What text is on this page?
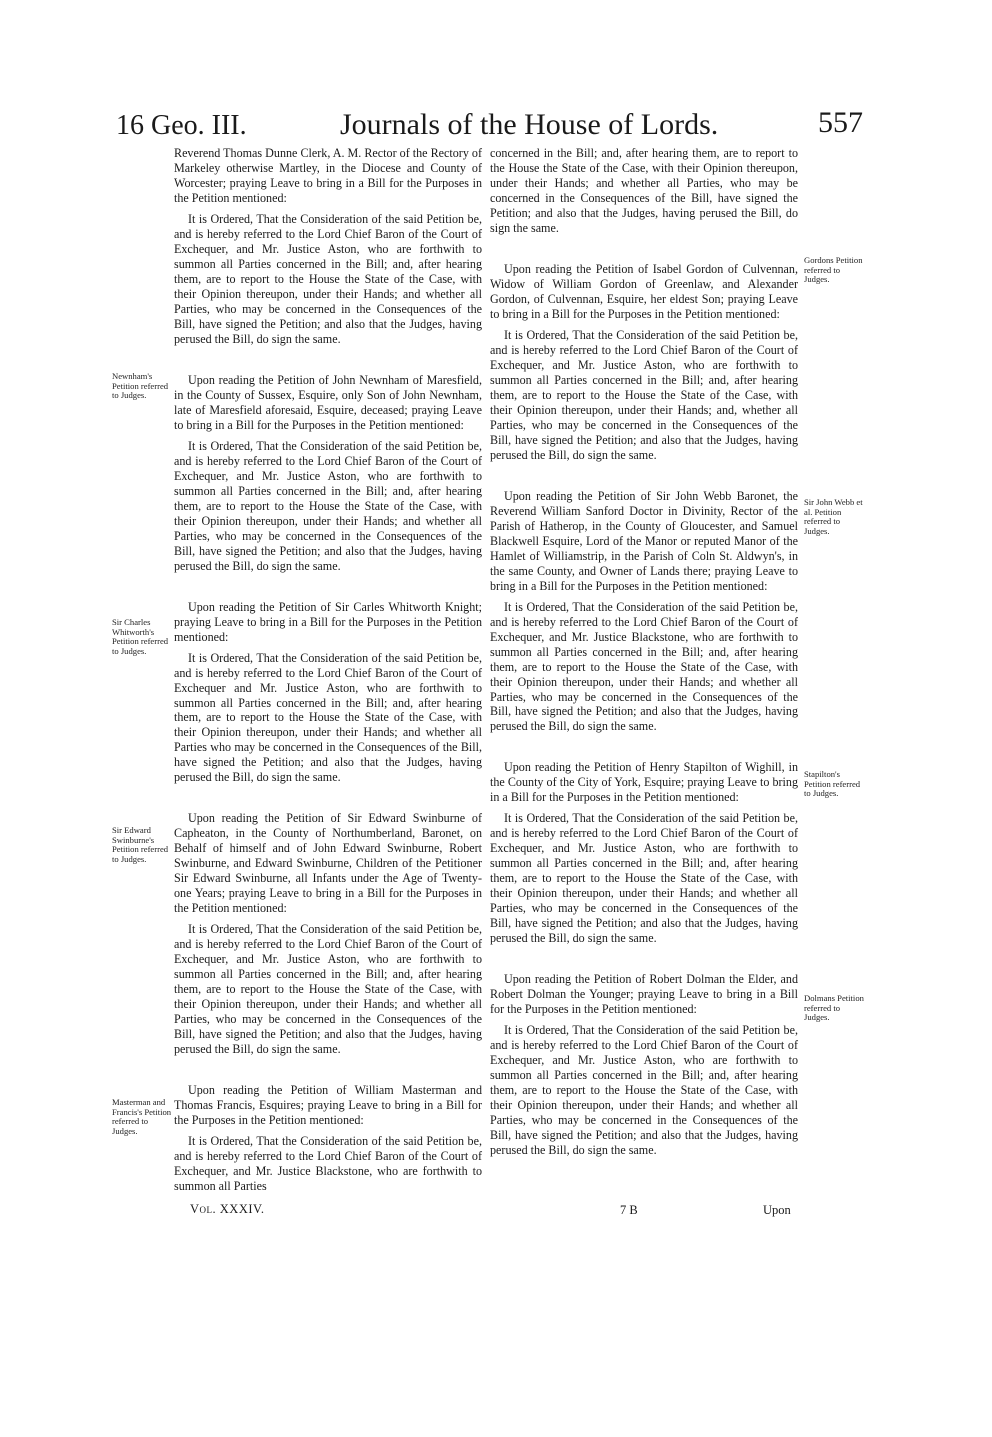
16 Geo. III.	Journals of the House of Lords.	557

Reverend Thomas Dunne Clerk, A. M. Rector of the Rectory of Markeley otherwise Martley, in the Diocese and County of Worcester; praying Leave to bring in a Bill for the Purposes in the Petition mentioned:

It is Ordered, That the Consideration of the said Petition be, and is hereby referred to the Lord Chief Baron of the Court of Exchequer, and Mr. Justice Aston, who are forthwith to summon all Parties concerned in the Bill; and, after hearing them, are to report to the House the State of the Case, with their Opinion thereupon, under their Hands; and whether all Parties, who may be concerned in the Consequences of the Bill, have signed the Petition; and also that the Judges, having perused the Bill, do sign the same.

Upon reading the Petition of John Newnham of Maresfield, in the County of Sussex, Esquire, only Son of John Newnham, late of Maresfield aforesaid, Esquire, deceased; praying Leave to bring in a Bill for the Purposes in the Petition mentioned:

It is Ordered, That the Consideration of the said Petition be, and is hereby referred to the Lord Chief Baron of the Court of Exchequer, and Mr. Justice Aston, who are forthwith to summon all Parties concerned in the Bill; and, after hearing them, are to report to the House the State of the Case, with their Opinion thereupon, under their Hands; and whether all Parties, who may be concerned in the Consequences of the Bill, have signed the Petition; and also that the Judges, having perused the Bill, do sign the same.

Upon reading the Petition of Sir Carles Whitworth Knight; praying Leave to bring in a Bill for the Purposes in the Petition mentioned:

It is Ordered, That the Consideration of the said Petition be, and is hereby referred to the Lord Chief Baron of the Court of Exchequer and Mr. Justice Aston, who are forthwith to summon all Parties concerned in the Bill; and, after hearing them, are to report to the House the State of the Case, with their Opinion thereupon, under their Hands; and whether all Parties who may be concerned in the Consequences of the Bill, have signed the Petition; and also that the Judges, having perused the Bill, do sign the same.

Upon reading the Petition of Sir Edward Swinburne of Capheaton, in the County of Northumberland, Baronet, on Behalf of himself and of John Edward Swinburne, Robert Swinburne, and Edward Swinburne, Children of the Petitioner Sir Edward Swinburne, all Infants under the Age of Twenty-one Years; praying Leave to bring in a Bill for the Purposes in the Petition mentioned:

It is Ordered, That the Consideration of the said Petition be, and is hereby referred to the Lord Chief Baron of the Court of Exchequer, and Mr. Justice Aston, who are forthwith to summon all Parties concerned in the Bill; and, after hearing them, are to report to the House the State of the Case, with their Opinion thereupon, under their Hands; and whether all Parties, who may be concerned in the Consequences of the Bill, have signed the Petition; and also that the Judges, having perused the Bill, do sign the same.

Upon reading the Petition of William Masterman and Thomas Francis, Esquires; praying Leave to bring in a Bill for the Purposes in the Petition mentioned:

It is Ordered, That the Consideration of the said Petition be, and is hereby referred to the Lord Chief Baron of the Court of Exchequer, and Mr. Justice Blackstone, who are forthwith to summon all Parties

concerned in the Bill; and, after hearing them, are to report to the House the State of the Case, with their Opinion thereupon, under their Hands; and whether all Parties, who may be concerned in the Consequences of the Bill, have signed the Petition; and also that the Judges, having perused the Bill, do sign the same.

Upon reading the Petition of Isabel Gordon of Culvennan, Widow of William Gordon of Greenlaw, and Alexander Gordon, of Culvennan, Esquire, her eldest Son; praying Leave to bring in a Bill for the Purposes in the Petition mentioned:

It is Ordered, That the Consideration of the said Petition be, and is hereby referred to the Lord Chief Baron of the Court of Exchequer, and Mr. Justice Aston, who are forthwith to summon all Parties concerned in the Bill; and, after hearing them, are to report to the House the State of the Case, with their Opinion thereupon, under their Hands; and, whether all Parties, who may be concerned in the Consequences of the Bill, have signed the Petition; and also that the Judges, having perused the Bill, do sign the same.

Upon reading the Petition of Sir John Webb Baronet, the Reverend William Sanford Doctor in Divinity, Rector of the Parish of Hatherop, in the County of Gloucester, and Samuel Blackwell Esquire, Lord of the Manor or reputed Manor of the Hamlet of Williamstrip, in the Parish of Coln St. Aldwyn's, in the same County, and Owner of Lands there; praying Leave to bring in a Bill for the Purposes in the Petition mentioned:

It is Ordered, That the Consideration of the said Petition be, and is hereby referred to the Lord Chief Baron of the Court of Exchequer, and Mr. Justice Blackstone, who are forthwith to summon all Parties concerned in the Bill; and, after hearing them, are to report to the House the State of the Case, with their Opinion thereupon, under their Hands; and whether all Parties, who may be concerned in the Consequences of the Bill, have signed the Petition; and also that the Judges, having perused the Bill, do sign the same.

Upon reading the Petition of Henry Stapilton of Wighill, in the County of the City of York, Esquire; praying Leave to bring in a Bill for the Purposes in the Petition mentioned:

It is Ordered, That the Consideration of the said Petition be, and is hereby referred to the Lord Chief Baron of the Court of Exchequer, and Mr. Justice Aston, who are forthwith to summon all Parties concerned in the Bill; and, after hearing them, are to report to the House the State of the Case, with their Opinion thereupon, under their Hands; and whether all Parties, who may be concerned in the Consequences of the Bill, have signed the Petition; and also that the Judges, having perused the Bill, do sign the same.

Upon reading the Petition of Robert Dolman the Elder, and Robert Dolman the Younger; praying Leave to bring in a Bill for the Purposes in the Petition mentioned:

It is Ordered, That the Consideration of the said Petition be, and is hereby referred to the Lord Chief Baron of the Court of Exchequer, and Mr. Justice Aston, who are forthwith to summon all Parties concerned in the Bill; and, after hearing them, are to report to the House the State of the Case, with their Opinion thereupon, under their Hands; and whether all Parties, who may be concerned in the Consequences of the Bill, have signed the Petition; and also that the Judges, having perused the Bill, do sign the same.

Newnham's Petition referred to Judges.
Sir Charles Whitworth's Petition referred to Judges.
Sir Edward Swinburne's Petition referred to Judges.
Masterman and Francis's Petition referred to Judges.
Gordons Petition referred to Judges.
Sir John Webb et al. Petition referred to Judges.
Stapilton's Petition referred to Judges.
Dolmans Petition referred to Judges.
Vol. XXXIV.	7 B	Upon
